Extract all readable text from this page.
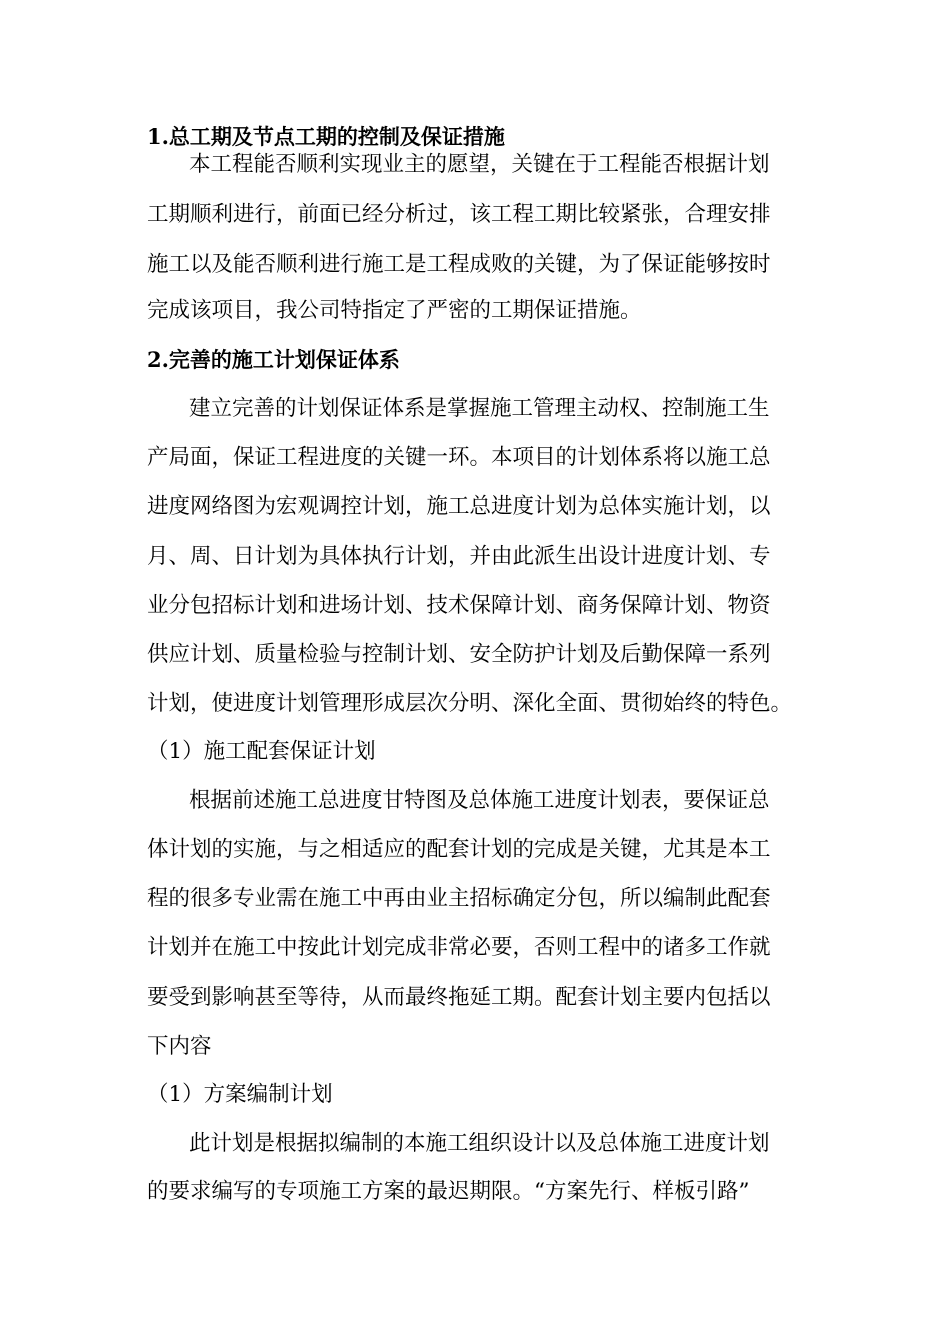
1.总工期及节点工期的控制及保证措施
本工程能否顺利实现业主的愿望，关键在于工程能否根据计划
工期顺利进行，前面已经分析过，该工程工期比较紧张，合理安排
施工以及能否顺利进行施工是工程成败的关键，为了保证能够按时
完成该项目，我公司特指定了严密的工期保证措施。
2.完善的施工计划保证体系
建立完善的计划保证体系是掌握施工管理主动权、控制施工生
产局面，保证工程进度的关键一环。本项目的计划体系将以施工总
进度网络图为宏观调控计划，施工总进度计划为总体实施计划，以
月、周、日计划为具体执行计划，并由此派生出设计进度计划、专
业分包招标计划和进场计划、技术保障计划、商务保障计划、物资
供应计划、质量检验与控制计划、安全防护计划及后勤保障一系列
计划，使进度计划管理形成层次分明、深化全面、贯彻始终的特色。
（1）施工配套保证计划
根据前述施工总进度甘特图及总体施工进度计划表，要保证总
体计划的实施，与之相适应的配套计划的完成是关键，尤其是本工
程的很多专业需在施工中再由业主招标确定分包，所以编制此配套
计划并在施工中按此计划完成非常必要，否则工程中的诸多工作就
要受到影响甚至等待，从而最终拖延工期。配套计划主要内包括以
下内容
（1）方案编制计划
此计划是根据拟编制的本施工组织设计以及总体施工进度计划
的要求编写的专项施工方案的最迟期限。“方案先行、样板引路”
